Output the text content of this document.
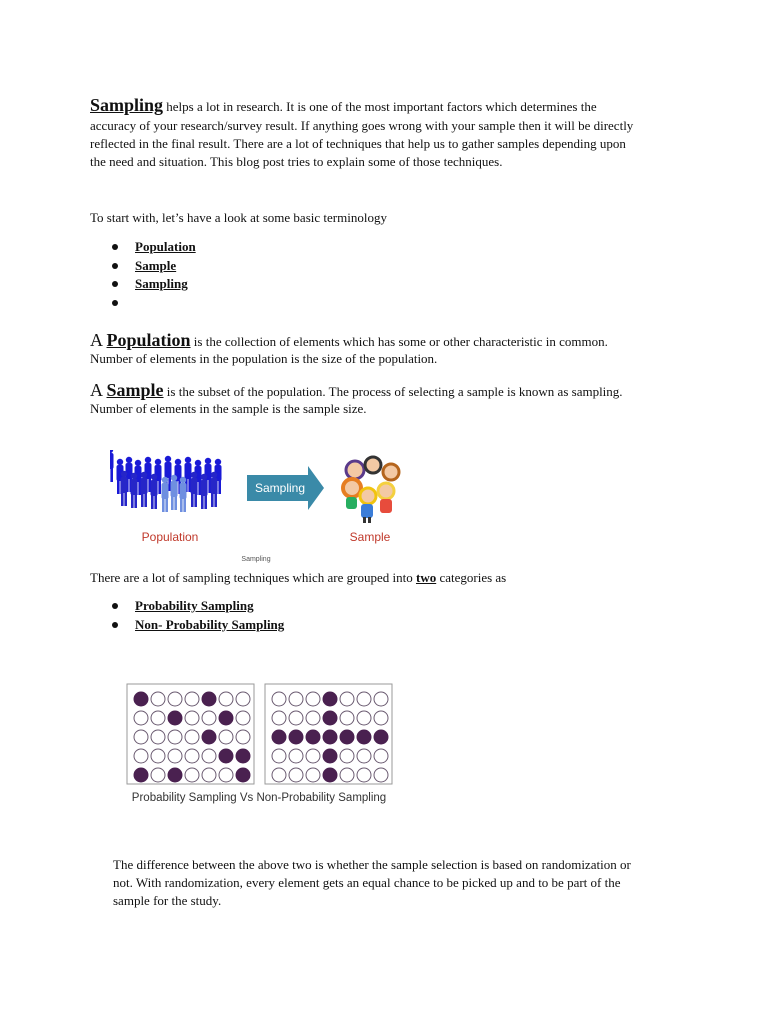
Sampling helps a lot in research. It is one of the most important factors which determines the
accuracy of your research/survey result. If anything goes wrong with your sample then it will be directly
reflected in the final result. There are a lot of techniques that help us to gather samples depending upon
the need and situation. This blog post tries to explain some of those techniques.
To start with, let’s have a look at some basic terminology
Population
Sample
Sampling
A Population is the collection of elements which has some or other characteristic in common.
Number of elements in the population is the size of the population.
A Sample is the subset of the population. The process of selecting a sample is known as sampling.
Number of elements in the sample is the sample size.
Sampling
Population	Sample
Sampling
There are a lot of sampling techniques which are grouped into two categories as
Probability Sampling
Non- Probability Sampling
Probability Sampling Vs Non-Probability Sampling
The difference between the above two is whether the sample selection is based on randomization or
not. With randomization, every element gets an equal chance to be picked up and to be part of the
sample for the study.
